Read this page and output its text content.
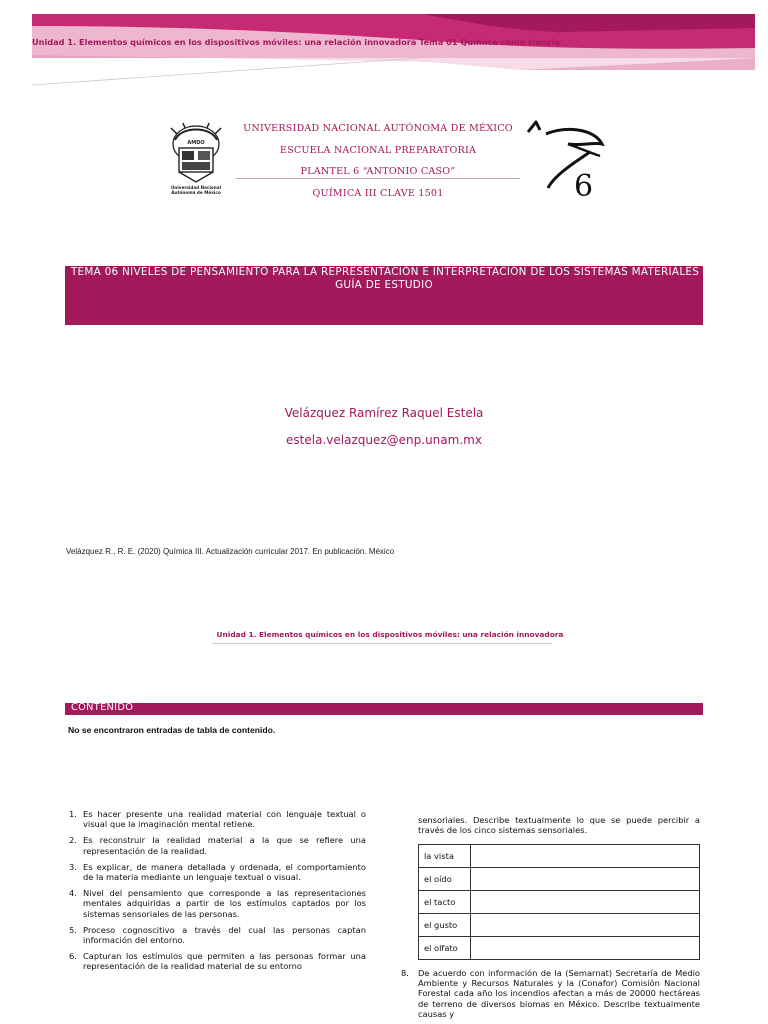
Unidad 1. Elementos químicos en los dispositivos móviles: una relación innovadora Tema 01 Química como ciencia
AMDO
Universidad Nacional
Autónoma de México
UNIVERSIDAD NACIONAL AUTÓNOMA DE MÉXICO
ESCUELA NACIONAL PREPARATORIA
PLANTEL 6 “ANTONIO CASO”
QUÍMICA III CLAVE 1501	6
TEMA 06 NIVELES DE PENSAMIENTO PARA LA REPRESENTACIÓN E INTERPRETACIÓN DE LOS SISTEMAS MATERIALES
GUÍA DE ESTUDIO
Velázquez Ramírez Raquel Estela
estela.velazquez@enp.unam.mx
Velázquez R., R. E. (2020) Química III. Actualización curricular 2017. En publicación. México
Unidad 1. Elementos químicos en los dispositivos móviles: una relación innovadora
CONTENIDO
No se encontraron entradas de tabla de contenido.
1. Es hacer presente una realidad material con lenguaje textual o visual que la imaginación mental retiene.
2. Es reconstruir la realidad material a la que se refiere una representación de la realidad.
3. Es explicar, de manera detallada y ordenada, el comportamiento de la materia mediante un lenguaje textual o visual.
4. Nivel del pensamiento que corresponde a las representaciones mentales adquiridas a partir de los estímulos captados por los sistemas sensoriales de las personas.
5. Proceso cognoscitivo a través del cual las personas captan información del entorno.
6. Capturan los estímulos que permiten a las personas formar una representación de la realidad material de su entorno
sensoriales. Describe textualmente lo que se puede percibir a través de los cinco sistemas sensoriales.
la vista	
el oído	
el tacto	
el gusto	
el olfato	
8.	De acuerdo con información de la (Semarnat) Secretaría de Medio Ambiente y Recursos Naturales y la (Conafor) Comisión Nacional Forestal cada año los incendios afectan a más de 20000 hectáreas de terreno de diversos biomas en México. Describe textualmente causas y
